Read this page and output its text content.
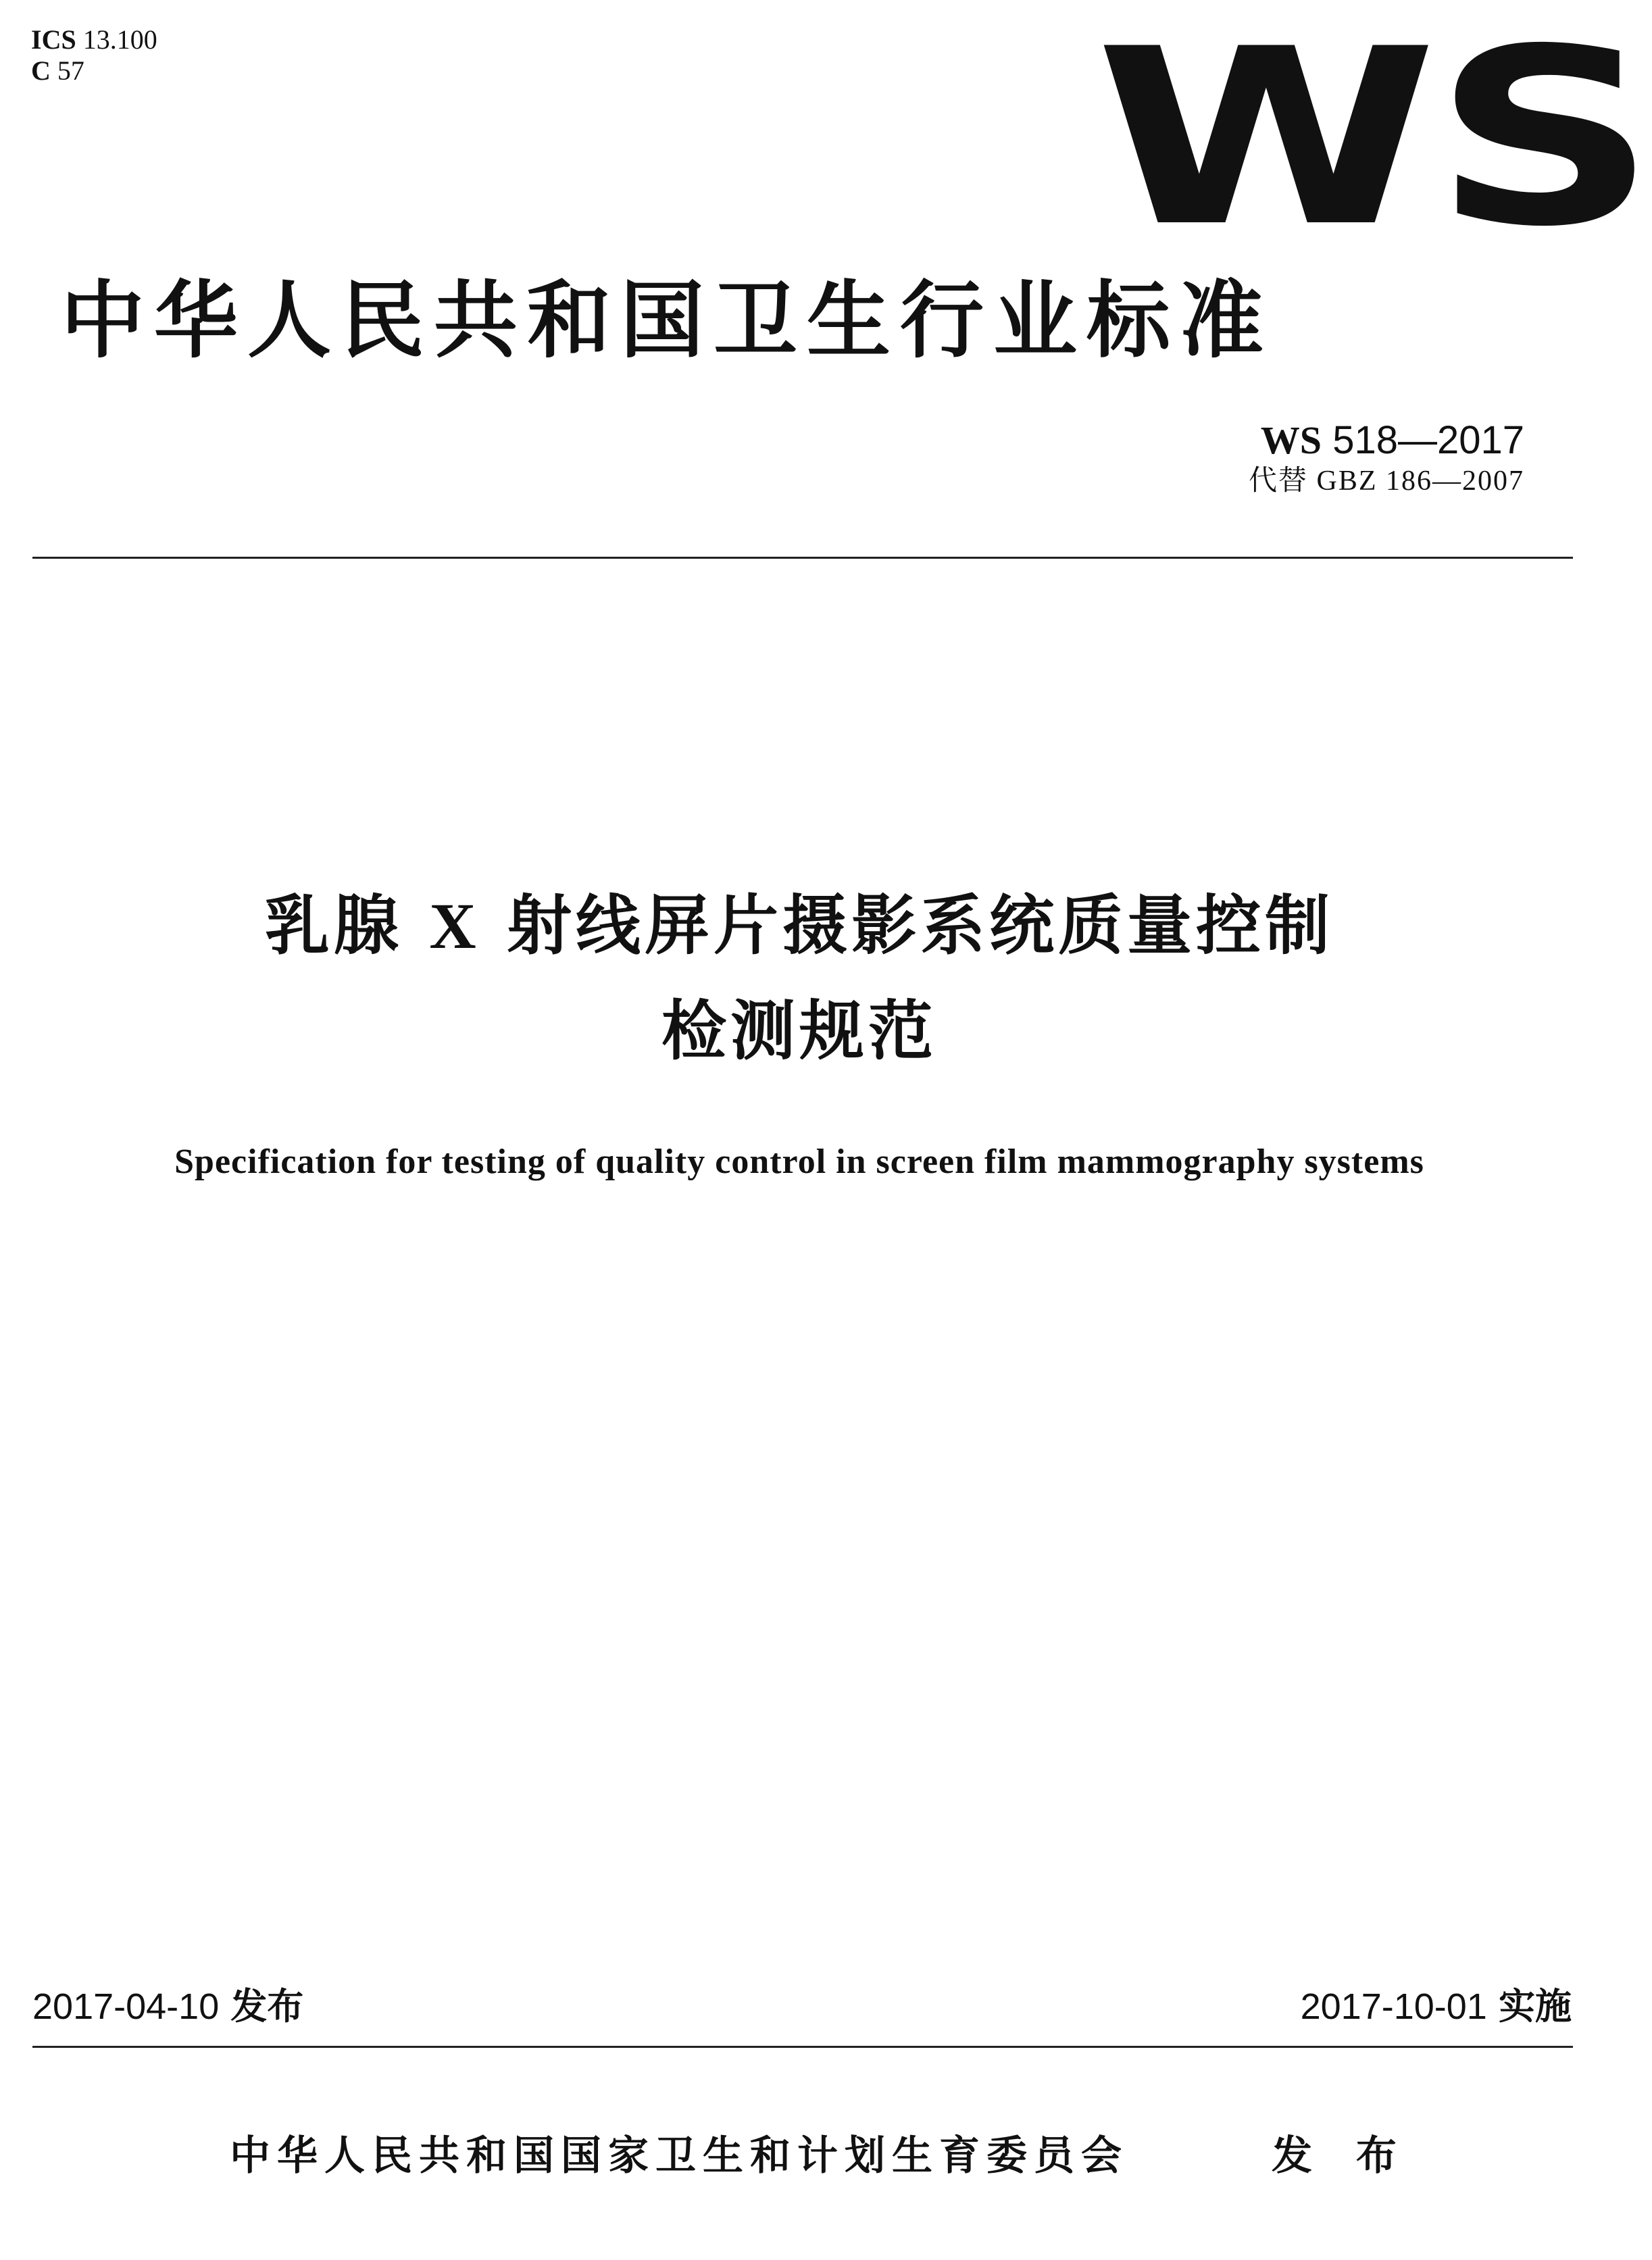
ICS 13.100
C 57	WS
中华人民共和国卫生行业标准
WS 518—2017
代替 GBZ 186—2007
乳腺 X 射线屏片摄影系统质量控制
检测规范
Specification for testing of quality control in screen film mammography systems
2017-04-10 发布	2017-10-01 实施
中华人民共和国国家卫生和计划生育委员会	发 布
